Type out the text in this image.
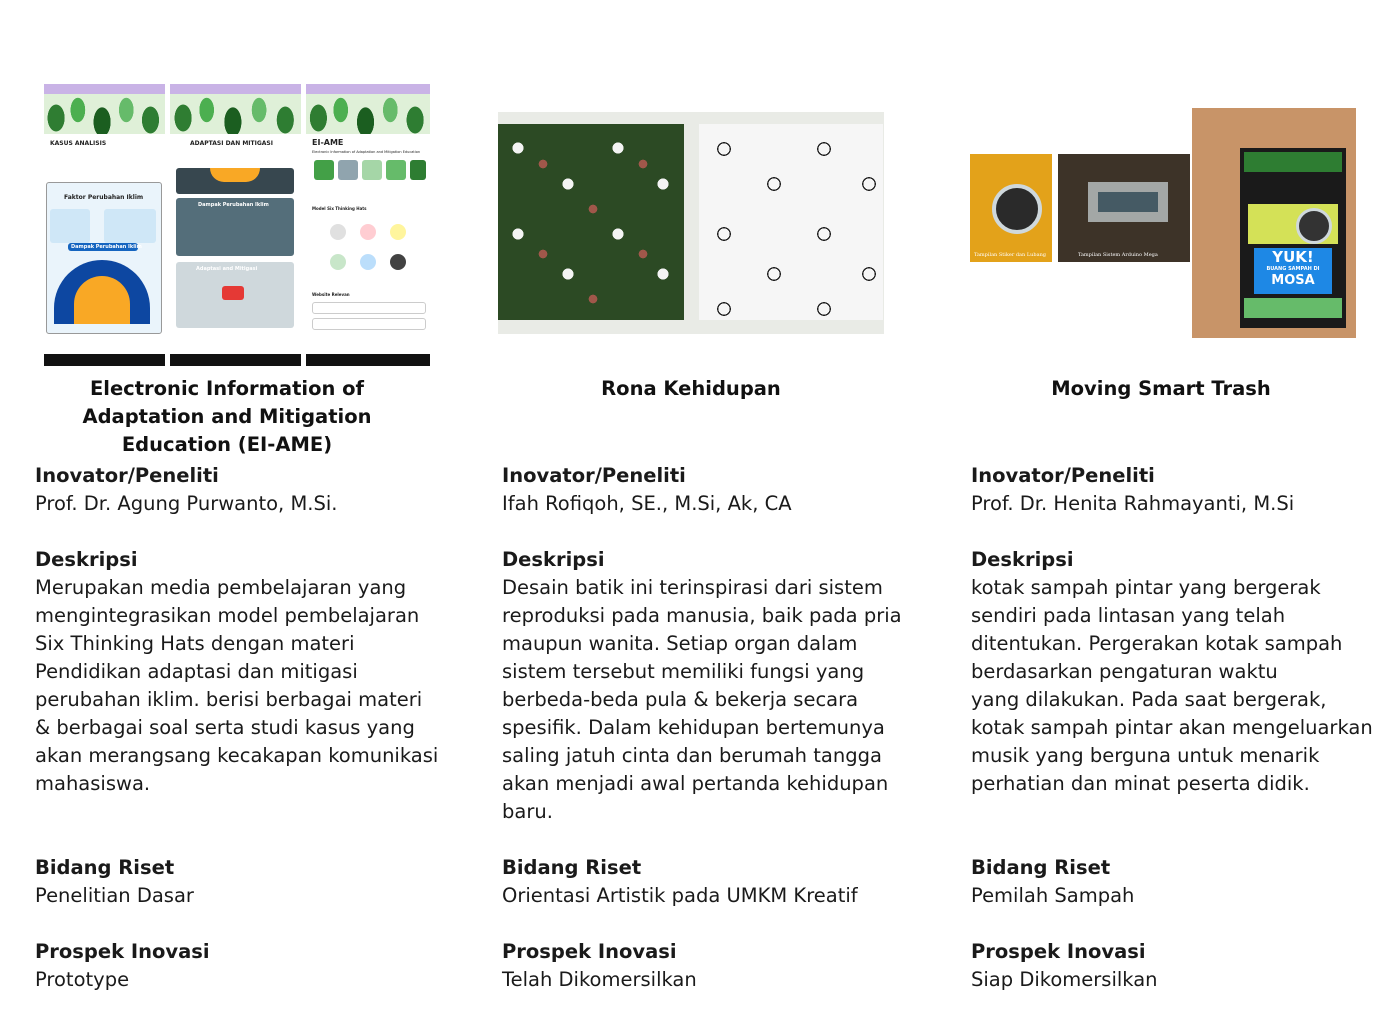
KASUS ANALISIS
Faktor Perubahan Iklim
Dampak Perubahan Iklim
ADAPTASI DAN MITIGASI
Dampak Perubahan Iklim
Adaptasi and Mitigasi
EI-AME
Electronic Information of Adaptation and Mitigation Education
Model Six Thinking Hats
Website Relevan
Tampilan Stiker dan Lubang	Tampilan Sistem Arduino Mega	YUK!
BUANG SAMPAH DI
MOSA
Electronic Information of Adaptation and Mitigation Education (EI-AME)
Rona Kehidupan	Moving Smart Trash
Inovator/Peneliti
Prof. Dr. Agung Purwanto, M.Si.
Deskripsi

Merupakan media pembelajaran yang
mengintegrasikan model pembelajaran
Six Thinking Hats dengan materi
Pendidikan adaptasi dan mitigasi
perubahan iklim. berisi berbagai materi
& berbagai soal serta studi kasus yang
akan merangsang kecakapan komunikasi
mahasiswa.

Bidang Riset
Penelitian Dasar
Prospek Inovasi
Prototype
Inovator/Peneliti
Ifah Rofiqoh, SE., M.Si, Ak, CA
Deskripsi

Desain batik ini terinspirasi dari sistem
reproduksi pada manusia, baik pada pria
maupun wanita. Setiap organ dalam
sistem tersebut memiliki fungsi yang
berbeda-beda pula & bekerja secara
spesifik. Dalam kehidupan bertemunya
saling jatuh cinta dan berumah tangga
akan menjadi awal pertanda kehidupan
baru.

Bidang Riset
Orientasi Artistik pada UMKM Kreatif
Prospek Inovasi
Telah Dikomersilkan
Inovator/Peneliti
Prof. Dr. Henita Rahmayanti, M.Si
Deskripsi

kotak sampah pintar yang bergerak
sendiri pada lintasan yang telah
ditentukan. Pergerakan kotak sampah
berdasarkan pengaturan waktu
yang dilakukan. Pada saat bergerak,
kotak sampah pintar akan mengeluarkan
musik yang berguna untuk menarik
perhatian dan minat peserta didik.

Bidang Riset
Pemilah Sampah
Prospek Inovasi
Siap Dikomersilkan
